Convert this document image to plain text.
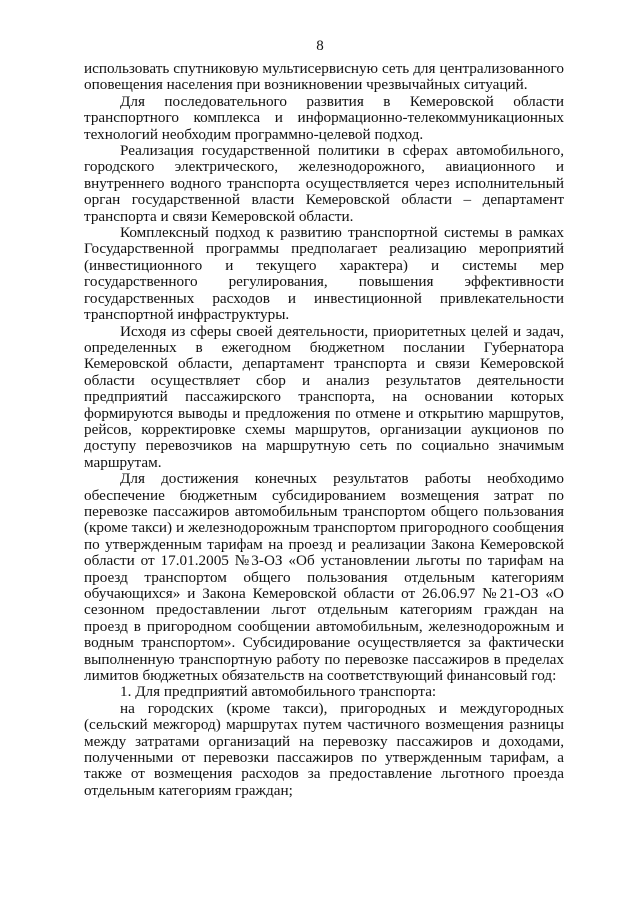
8

использовать спутниковую мультисервисную сеть для централизованного оповещения населения при возникновении чрезвычайных ситуаций.

Для последовательного развития в Кемеровской области транспортного комплекса и информационно-телекоммуникационных технологий необходим программно-целевой подход.

Реализация государственной политики в сферах автомобильного, городского электрического, железнодорожного, авиационного и внутреннего водного транспорта осуществляется через исполнительный орган государственной власти Кемеровской области – департамент транспорта и связи Кемеровской области.

Комплексный подход к развитию транспортной системы в рамках Государственной программы предполагает реализацию мероприятий (инвестиционного и текущего характера) и системы мер государственного регулирования, повышения эффективности государственных расходов и инвестиционной привлекательности транспортной инфраструктуры.

Исходя из сферы своей деятельности, приоритетных целей и задач, определенных в ежегодном бюджетном послании Губернатора Кемеровской области, департамент транспорта и связи Кемеровской области осуществляет сбор и анализ результатов деятельности предприятий пассажирского транспорта, на основании которых формируются выводы и предложения по отмене и открытию маршрутов, рейсов, корректировке схемы маршрутов, организации аукционов по доступу перевозчиков на маршрутную сеть по социально значимым маршрутам.

Для достижения конечных результатов работы необходимо обеспечение бюджетным субсидированием возмещения затрат по перевозке пассажиров автомобильным транспортом общего пользования (кроме такси) и железнодорожным транспортом пригородного сообщения по утвержденным тарифам на проезд и реализации Закона Кемеровской области от 17.01.2005 №3-ОЗ «Об установлении льготы по тарифам на проезд транспортом общего пользования отдельным категориям обучающихся» и Закона Кемеровской области от 26.06.97 №21-ОЗ «О сезонном предоставлении льгот отдельным категориям граждан на проезд в пригородном сообщении автомобильным, железнодорожным и водным транспортом». Субсидирование осуществляется за фактически выполненную транспортную работу по перевозке пассажиров в пределах лимитов бюджетных обязательств на соответствующий финансовый год:

1. Для предприятий автомобильного транспорта:

на городских (кроме такси), пригородных и междугородных (сельский межгород) маршрутах путем частичного возмещения разницы между затратами организаций на перевозку пассажиров и доходами, полученными от перевозки пассажиров по утвержденным тарифам, а также от возмещения расходов за предоставление льготного проезда отдельным категориям граждан;
